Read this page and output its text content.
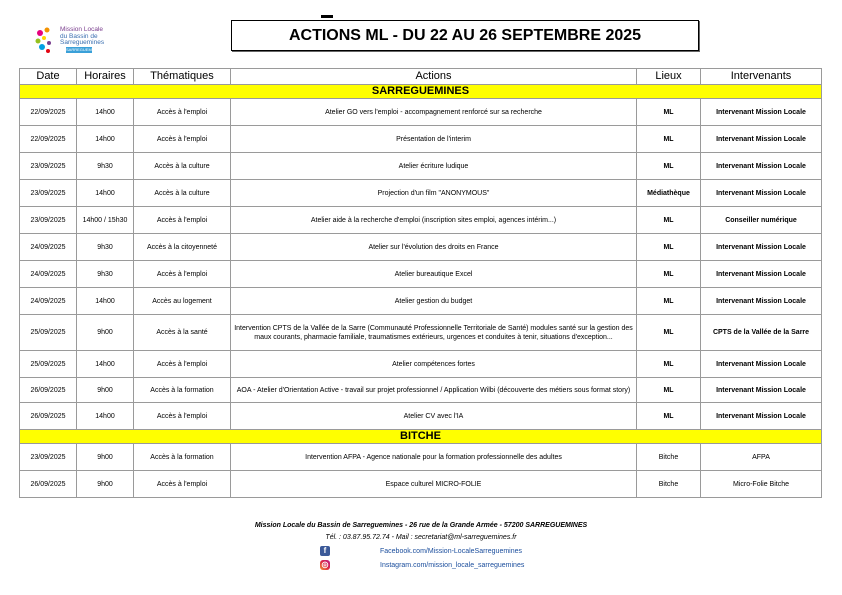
Mission Locale
du Bassin de
Sarreguemines
SARREGUEMINES
ACTIONS ML - DU 22 AU 26 SEPTEMBRE 2025
Date	Horaires	Thématiques	Actions	Lieux	Intervenants
SARREGUEMINES					
22/09/2025	14h00	Accès à l'emploi	Atelier GO vers l'emploi - accompagnement renforcé sur sa recherche	ML	Intervenant Mission Locale
22/09/2025	14h00	Accès à l'emploi	Présentation de l'interim	ML	Intervenant Mission Locale
23/09/2025	9h30	Accès à la culture	Atelier écriture ludique	ML	Intervenant Mission Locale
23/09/2025	14h00	Accès à la culture	Projection d'un film "ANONYMOUS"	Médiathèque	Intervenant Mission Locale
23/09/2025	14h00 / 15h30	Accès à l'emploi	Atelier aide à la recherche d'emploi (inscription sites emploi, agences intérim...)	ML	Conseiller numérique
24/09/2025	9h30	Accès à la citoyenneté	Atelier sur l'évolution des droits en France	ML	Intervenant Mission Locale
24/09/2025	9h30	Accès à l'emploi	Atelier bureautique Excel	ML	Intervenant Mission Locale
24/09/2025	14h00	Accès au logement	Atelier gestion du budget	ML	Intervenant Mission Locale
25/09/2025	9h00	Accès à la santé	Intervention CPTS de la Vallée de la Sarre (Communauté Professionnelle Territoriale de Santé) modules santé sur la gestion des maux courants, pharmacie familiale, traumatismes extérieurs, urgences et conduites à tenir, situations d'exception...	ML	CPTS de la Vallée de la Sarre
25/09/2025	14h00	Accès à l'emploi	Atelier compétences fortes	ML	Intervenant Mission Locale
26/09/2025	9h00	Accès à la formation	AOA - Atelier d'Orientation Active - travail sur projet professionnel / Application Wilbi (découverte des métiers sous format story)	ML	Intervenant Mission Locale
26/09/2025	14h00	Accès à l'emploi	Atelier CV avec l'IA	ML	Intervenant Mission Locale
BITCHE					
23/09/2025	9h00	Accès à la formation	Intervention AFPA - Agence nationale pour la formation professionnelle des adultes	Bitche	AFPA
26/09/2025	9h00	Accès à l'emploi	Espace culturel MICRO-FOLIE	Bitche	Micro-Folie Bitche
Mission Locale du Bassin de Sarreguemines - 26 rue de la Grande Armée - 57200 SARREGUEMINES
Tél. : 03.87.95.72.74 - Mail : secretariat@ml-sarreguemines.fr
f	Facebook.com/Mission-LocaleSarreguemines
◎	Instagram.com/mission_locale_sarreguemines
